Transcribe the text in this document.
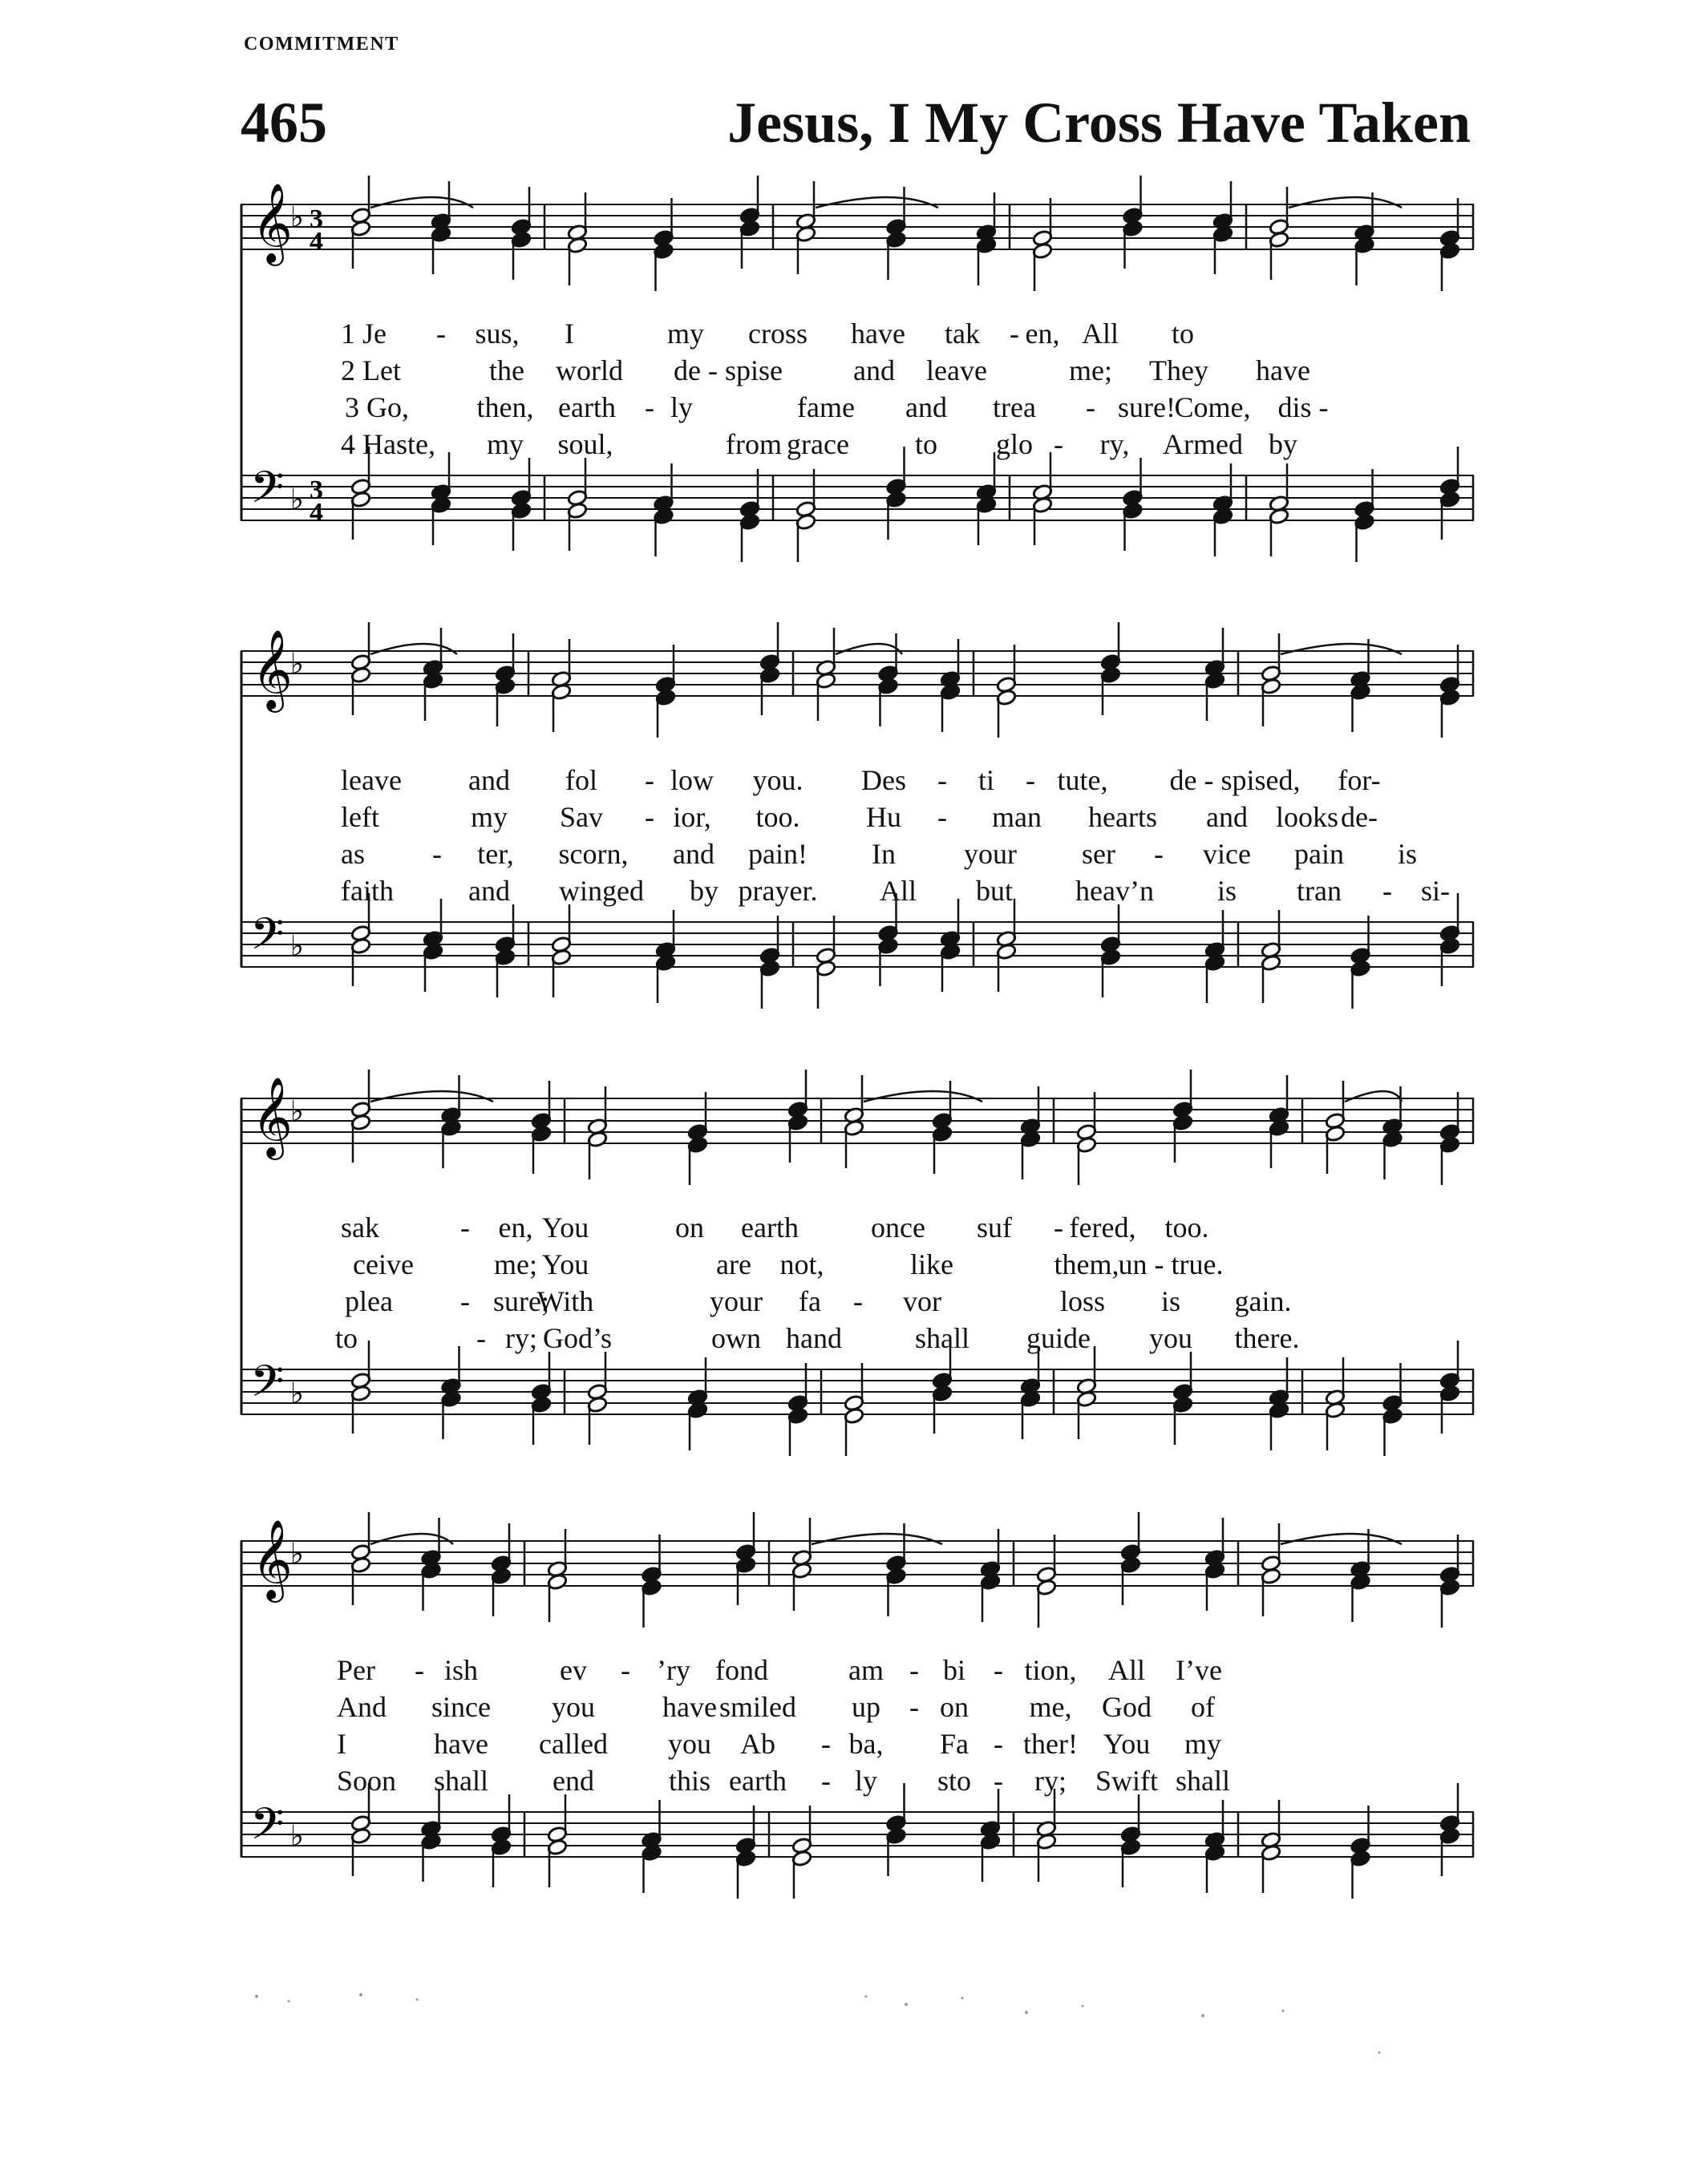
COMMITMENT
465	Jesus, I My Cross Have Taken
𝄞
𝄢
♭
♭
3
4
3
4
1 Je - sus, I	my cross have tak - en, All to
2 Let	the world de - spise and leave	me; They have
3 Go, then, earth - ly	fame and trea - sure!
Come, dis -
4 Haste, my soul,	from grace to glo - ry, Armed by
𝄞
𝄢
♭
♭
leave and fol - low you. Des - ti - tute, de - spised, for-
left	my Sav - ior, too. Hu - man hearts and looks de-
as - ter, scorn, and pain! In your ser - vice pain is
faith	and winged by prayer. All but heav’n is tran - si-
𝄞
𝄢
♭
♭
sak	- en, You	on earth	once suf - fered, too.
ceive	me; You	are not,	like	them, un - true.
plea - sure;
With	your fa - vor	loss is gain.
to	- ry; God’s	own hand	shall guide you there.
𝄞
𝄢
♭
♭
Per - ish	ev - ’ry fond	am - bi - tion, All I’ve
And since you have smiled up - on me, God of
I	have called you Ab - ba, Fa - ther! You my
Soon shall end	this earth - ly sto - ry; Swift shall
